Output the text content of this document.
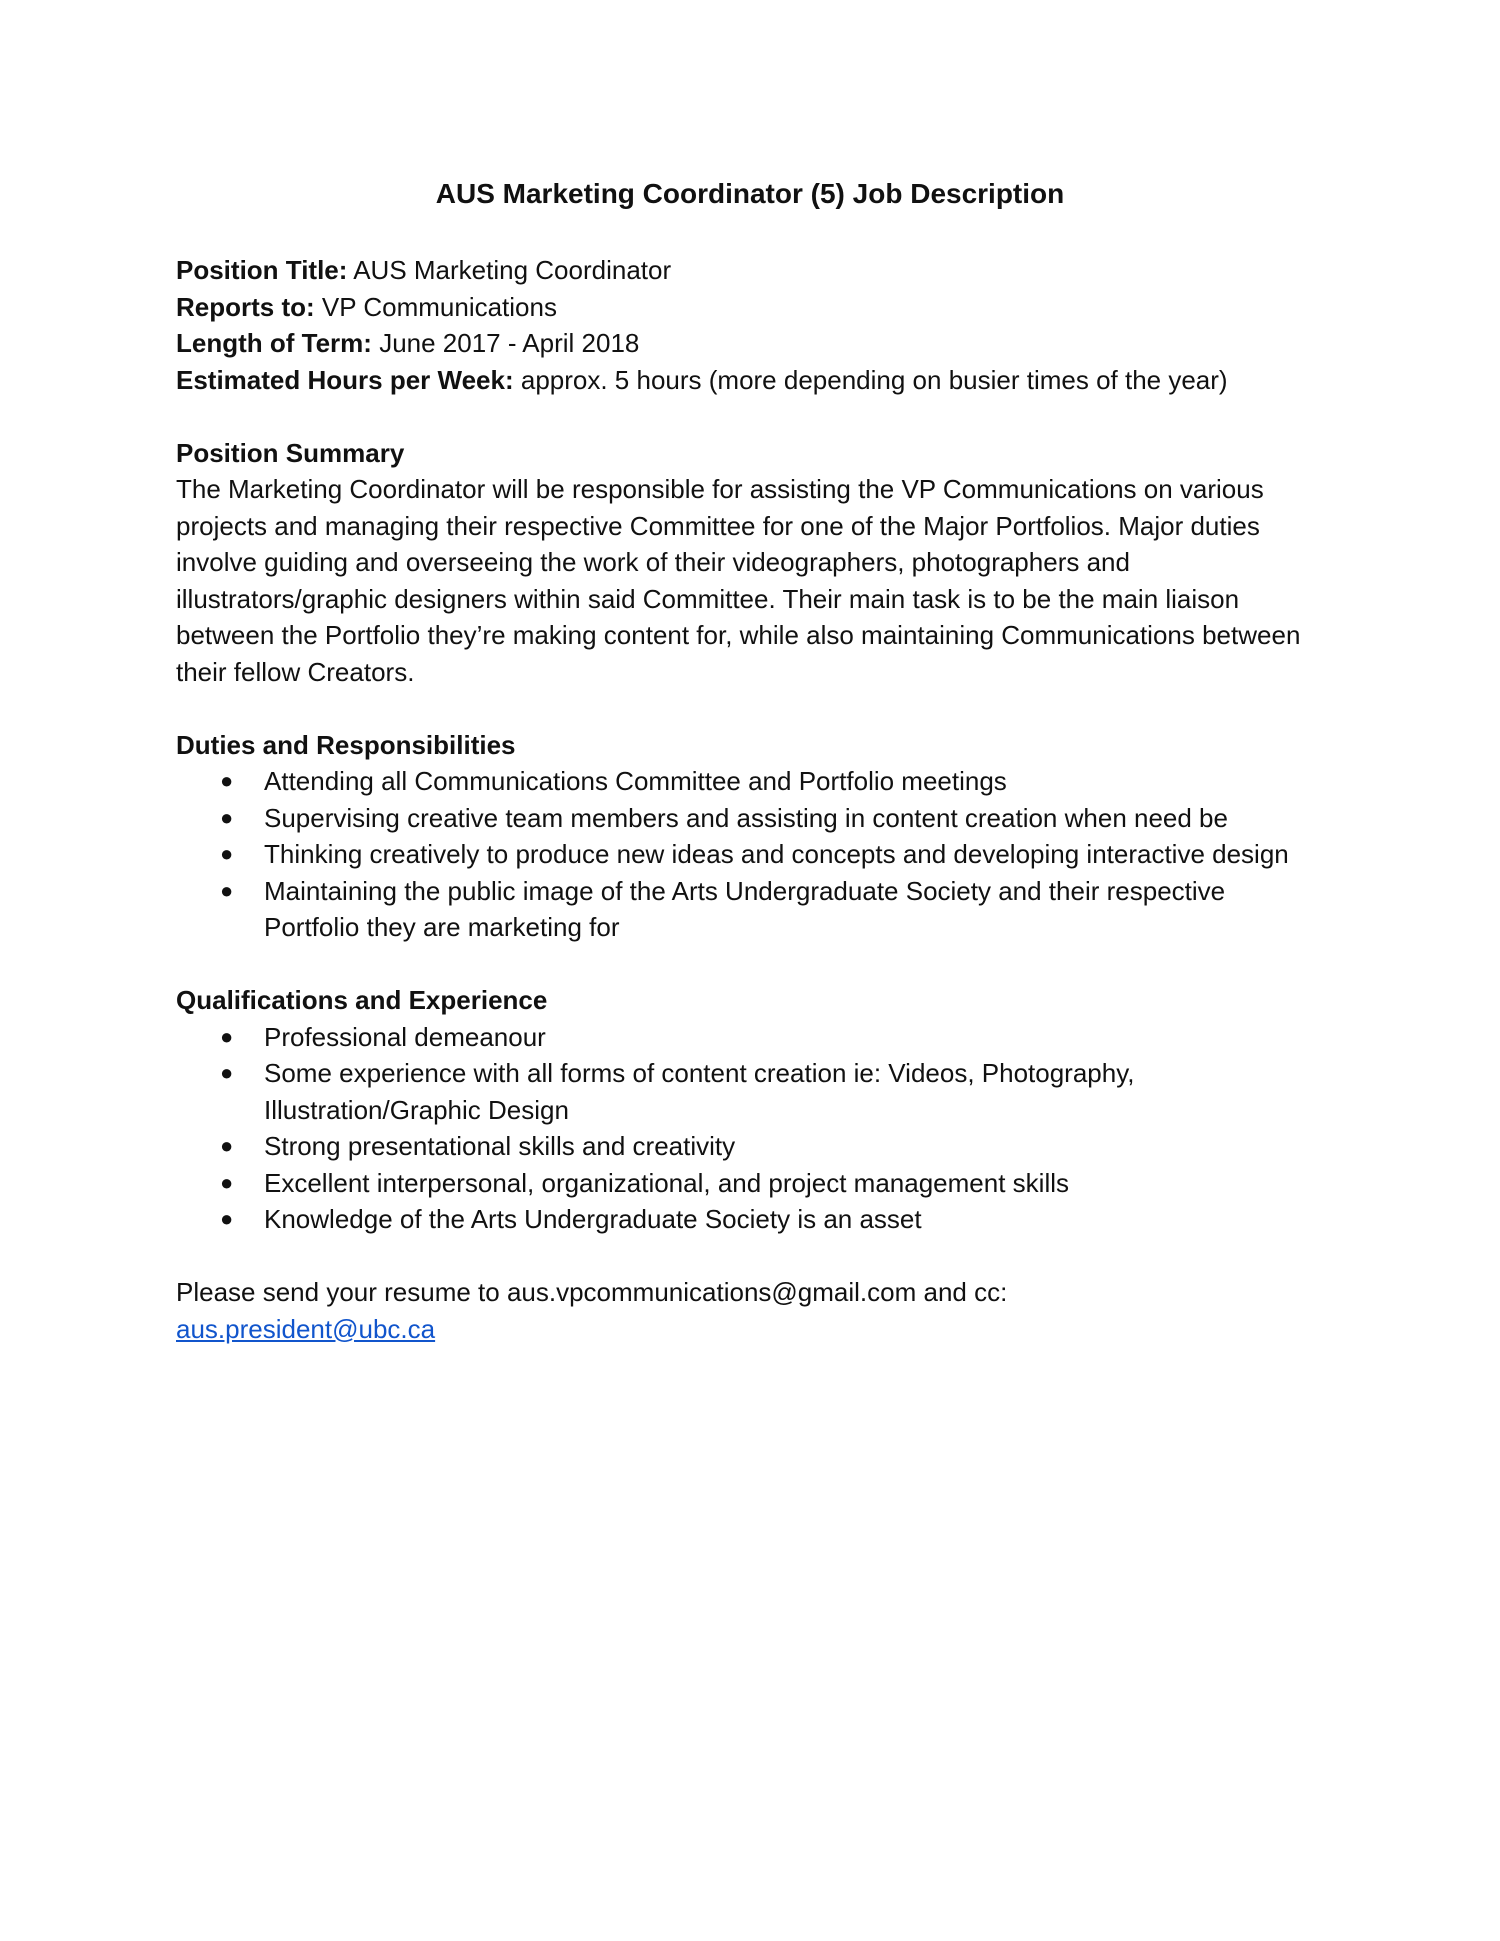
AUS Marketing Coordinator (5) Job Description

Position Title: AUS Marketing Coordinator

Reports to: VP Communications

Length of Term: June 2017 - April 2018

Estimated Hours per Week: approx. 5 hours (more depending on busier times of the year)

Position Summary

The Marketing Coordinator will be responsible for assisting the VP Communications on various projects and managing their respective Committee for one of the Major Portfolios. Major duties involve guiding and overseeing the work of their videographers, photographers and illustrators/graphic designers within said Committee. Their main task is to be the main liaison between the Portfolio they’re making content for, while also maintaining Communications between their fellow Creators.

Duties and Responsibilities

● Attending all Communications Committee and Portfolio meetings
● Supervising creative team members and assisting in content creation when need be
● Thinking creatively to produce new ideas and concepts and developing interactive design
● Maintaining the public image of the Arts Undergraduate Society and their respective Portfolio they are marketing for

Qualifications and Experience

● Professional demeanour
● Some experience with all forms of content creation ie: Videos, Photography, Illustration/Graphic Design
● Strong presentational skills and creativity
● Excellent interpersonal, organizational, and project management skills
● Knowledge of the Arts Undergraduate Society is an asset

Please send your resume to aus.vpcommunications@gmail.com and cc:

aus.president@ubc.ca
